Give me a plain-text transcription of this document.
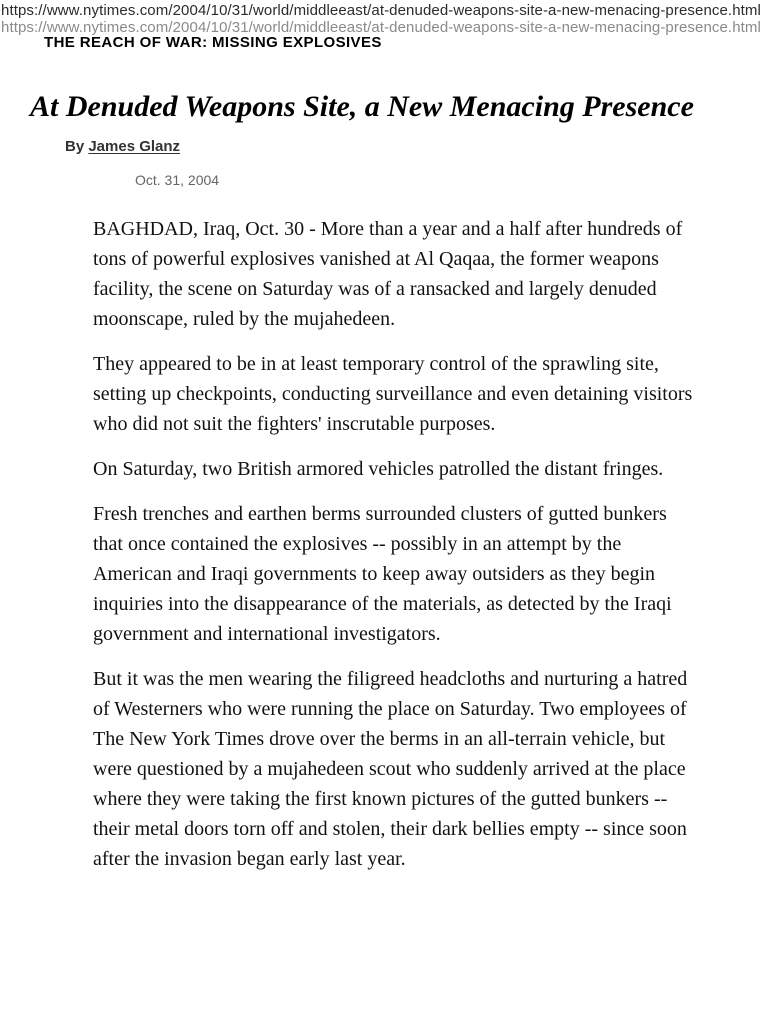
https://www.nytimes.com/2004/10/31/world/middleeast/at-denuded-weapons-site-a-new-menacing-presence.html
https://www.nytimes.com/2004/10/31/world/middleeast/at-denuded-weapons-site-a-new-menacing-presence.html
THE REACH OF WAR: MISSING EXPLOSIVES
At Denuded Weapons Site, a New Menacing Presence
By James Glanz
Oct. 31, 2004

BAGHDAD, Iraq, Oct. 30 - More than a year and a half after hundreds of tons of powerful explosives vanished at Al Qaqaa, the former weapons facility, the scene on Saturday was of a ransacked and largely denuded moonscape, ruled by the mujahedeen.

They appeared to be in at least temporary control of the sprawling site, setting up checkpoints, conducting surveillance and even detaining visitors who did not suit the fighters' inscrutable purposes.

On Saturday, two British armored vehicles patrolled the distant fringes.

Fresh trenches and earthen berms surrounded clusters of gutted bunkers that once contained the explosives -- possibly in an attempt by the American and Iraqi governments to keep away outsiders as they begin inquiries into the disappearance of the materials, as detected by the Iraqi government and international investigators.

But it was the men wearing the filigreed headcloths and nurturing a hatred of Westerners who were running the place on Saturday. Two employees of The New York Times drove over the berms in an all-terrain vehicle, but were questioned by a mujahedeen scout who suddenly arrived at the place where they were taking the first known pictures of the gutted bunkers -- their metal doors torn off and stolen, their dark bellies empty -- since soon after the invasion began early last year.
